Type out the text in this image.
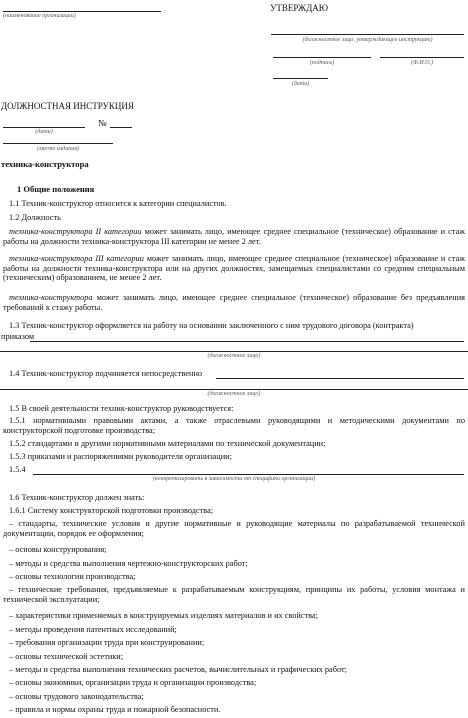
(наименование организации)
УТВЕРЖДАЮ
(должностное лицо, утверждающее инструкцию)
(подпись)	(Ф.И.О.)
(дата)
ДОЛЖНОСТНАЯ ИНСТРУКЦИЯ
№
(дата)
(место издания)
техника-конструктора
1 Общие положения
1.1 Техник-конструктор относится к категории специалистов.
1.2 Должность
техника-конструктора II категории может занимать лицо, имеющее среднее специальное (техническое) образование и стаж работы на должности техника-конструктора III категории не менее 2 лет.
техника-конструктора III категории может занимать лицо, имеющее среднее специальное (техническое) образование и стаж работы на должности техника-конструктора или на других должностях, замещаемых специалистами со средним специальным (техническим) образованием, не менее 2 лет.
техника-конструктора может занимать лицо, имеющее среднее специальное (техническое) образование без предъявления требований к стажу работы.
1.3 Техник-конструктор оформляется на работу на основании заключенного с ним трудового договора (контракта)
приказом
(должностное лицо)
1.4 Техник-конструктор подчиняется непосредственно
(должностное лицо)
1.5 В своей деятельности техник-конструктор руководствуется:
1.5.1 нормативными правовыми актами, а также отраслевыми руководящими и методическими документами по конструкторской подготовке производства;
1.5.2 стандартами и другими нормативными материалами по технической документации;
1.5.3 приказами и распоряжениями руководителя организации;
1.5.4
(конкретизировать в зависимости от специфики организации)
1.6 Техник-конструктор должен знать:
1.6.1 Систему конструкторской подготовки производства;
– стандарты, технические условия и другие нормативные и руководящие материалы по разрабатываемой технической документации, порядок ее оформления;
– основы конструирования;
– методы и средства выполнения чертежно-конструкторских работ;
– основы технологии производства;
– технические требования, предъявляемые к разрабатываемым конструкциям, принципы их работы, условия монтажа и технической эксплуатации;
– характеристики применяемых в конструируемых изделиях материалов и их свойства;
– методы проведения патентных исследований;
– требования организации труда при конструировании;
– основы технической эстетики;
– методы и средства выполнения технических расчетов, вычислительных и графических работ;
– основы экономики, организации труда и организации производства;
– основы трудового законодательства;
– правила и нормы охраны труда и пожарной безопасности.
